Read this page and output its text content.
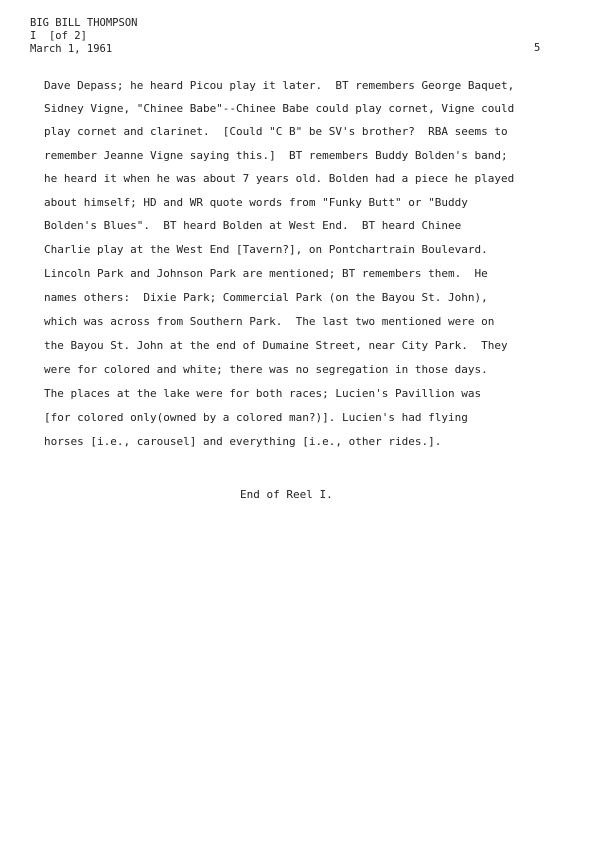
BIG BILL THOMPSON
I  [of 2]
March 1, 1961	5
Dave Depass; he heard Picou play it later.  BT remembers George Baquet,
Sidney Vigne, "Chinee Babe"--Chinee Babe could play cornet, Vigne could
play cornet and clarinet.  [Could "C B" be SV's brother?  RBA seems to
remember Jeanne Vigne saying this.]  BT remembers Buddy Bolden's band;
he heard it when he was about 7 years old. Bolden had a piece he played
about himself; HD and WR quote words from "Funky Butt" or "Buddy
Bolden's Blues".  BT heard Bolden at West End.  BT heard Chinee
Charlie play at the West End [Tavern?], on Pontchartrain Boulevard.
Lincoln Park and Johnson Park are mentioned; BT remembers them.  He
names others:  Dixie Park; Commercial Park (on the Bayou St. John),
which was across from Southern Park.  The last two mentioned were on
the Bayou St. John at the end of Dumaine Street, near City Park.  They
were for colored and white; there was no segregation in those days.
The places at the lake were for both races; Lucien's Pavillion was
[for colored only(owned by a colored man?)]. Lucien's had flying
horses [i.e., carousel] and everything [i.e., other rides.].
End of Reel I.
